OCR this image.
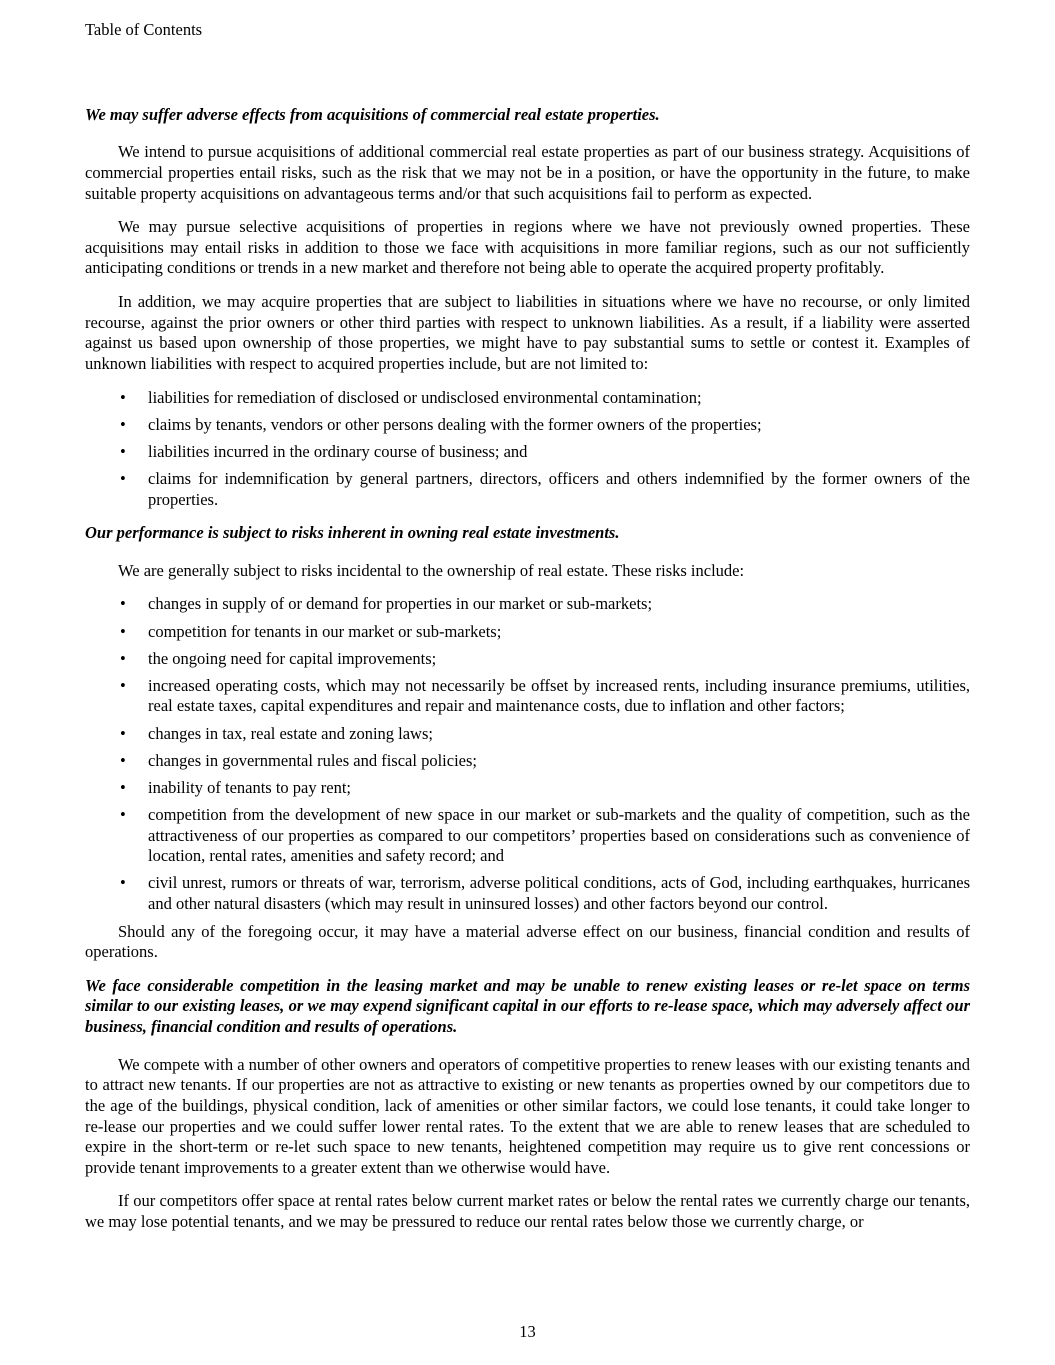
Table of Contents

We may suffer adverse effects from acquisitions of commercial real estate properties.

We intend to pursue acquisitions of additional commercial real estate properties as part of our business strategy. Acquisitions of commercial properties entail risks, such as the risk that we may not be in a position, or have the opportunity in the future, to make suitable property acquisitions on advantageous terms and/or that such acquisitions fail to perform as expected.

We may pursue selective acquisitions of properties in regions where we have not previously owned properties. These acquisitions may entail risks in addition to those we face with acquisitions in more familiar regions, such as our not sufficiently anticipating conditions or trends in a new market and therefore not being able to operate the acquired property profitably.

In addition, we may acquire properties that are subject to liabilities in situations where we have no recourse, or only limited recourse, against the prior owners or other third parties with respect to unknown liabilities. As a result, if a liability were asserted against us based upon ownership of those properties, we might have to pay substantial sums to settle or contest it. Examples of unknown liabilities with respect to acquired properties include, but are not limited to:

• liabilities for remediation of disclosed or undisclosed environmental contamination;
• claims by tenants, vendors or other persons dealing with the former owners of the properties;
• liabilities incurred in the ordinary course of business; and
• claims for indemnification by general partners, directors, officers and others indemnified by the former owners of the properties.
Our performance is subject to risks inherent in owning real estate investments.

We are generally subject to risks incidental to the ownership of real estate. These risks include:

• changes in supply of or demand for properties in our market or sub-markets;
• competition for tenants in our market or sub-markets;
• the ongoing need for capital improvements;
• increased operating costs, which may not necessarily be offset by increased rents, including insurance premiums, utilities, real estate taxes, capital expenditures and repair and maintenance costs, due to inflation and other factors;
• changes in tax, real estate and zoning laws;
• changes in governmental rules and fiscal policies;
• inability of tenants to pay rent;
• competition from the development of new space in our market or sub-markets and the quality of competition, such as the attractiveness of our properties as compared to our competitors’ properties based on considerations such as convenience of location, rental rates, amenities and safety record; and
• civil unrest, rumors or threats of war, terrorism, adverse political conditions, acts of God, including earthquakes, hurricanes and other natural disasters (which may result in uninsured losses) and other factors beyond our control.

Should any of the foregoing occur, it may have a material adverse effect on our business, financial condition and results of operations.

We face considerable competition in the leasing market and may be unable to renew existing leases or re-let space on terms similar to our existing leases, or we may expend significant capital in our efforts to re-lease space, which may adversely affect our business, financial condition and results of operations.

We compete with a number of other owners and operators of competitive properties to renew leases with our existing tenants and to attract new tenants. If our properties are not as attractive to existing or new tenants as properties owned by our competitors due to the age of the buildings, physical condition, lack of amenities or other similar factors, we could lose tenants, it could take longer to re-lease our properties and we could suffer lower rental rates. To the extent that we are able to renew leases that are scheduled to expire in the short-term or re-let such space to new tenants, heightened competition may require us to give rent concessions or provide tenant improvements to a greater extent than we otherwise would have.

If our competitors offer space at rental rates below current market rates or below the rental rates we currently charge our tenants, we may lose potential tenants, and we may be pressured to reduce our rental rates below those we currently charge, or

13
